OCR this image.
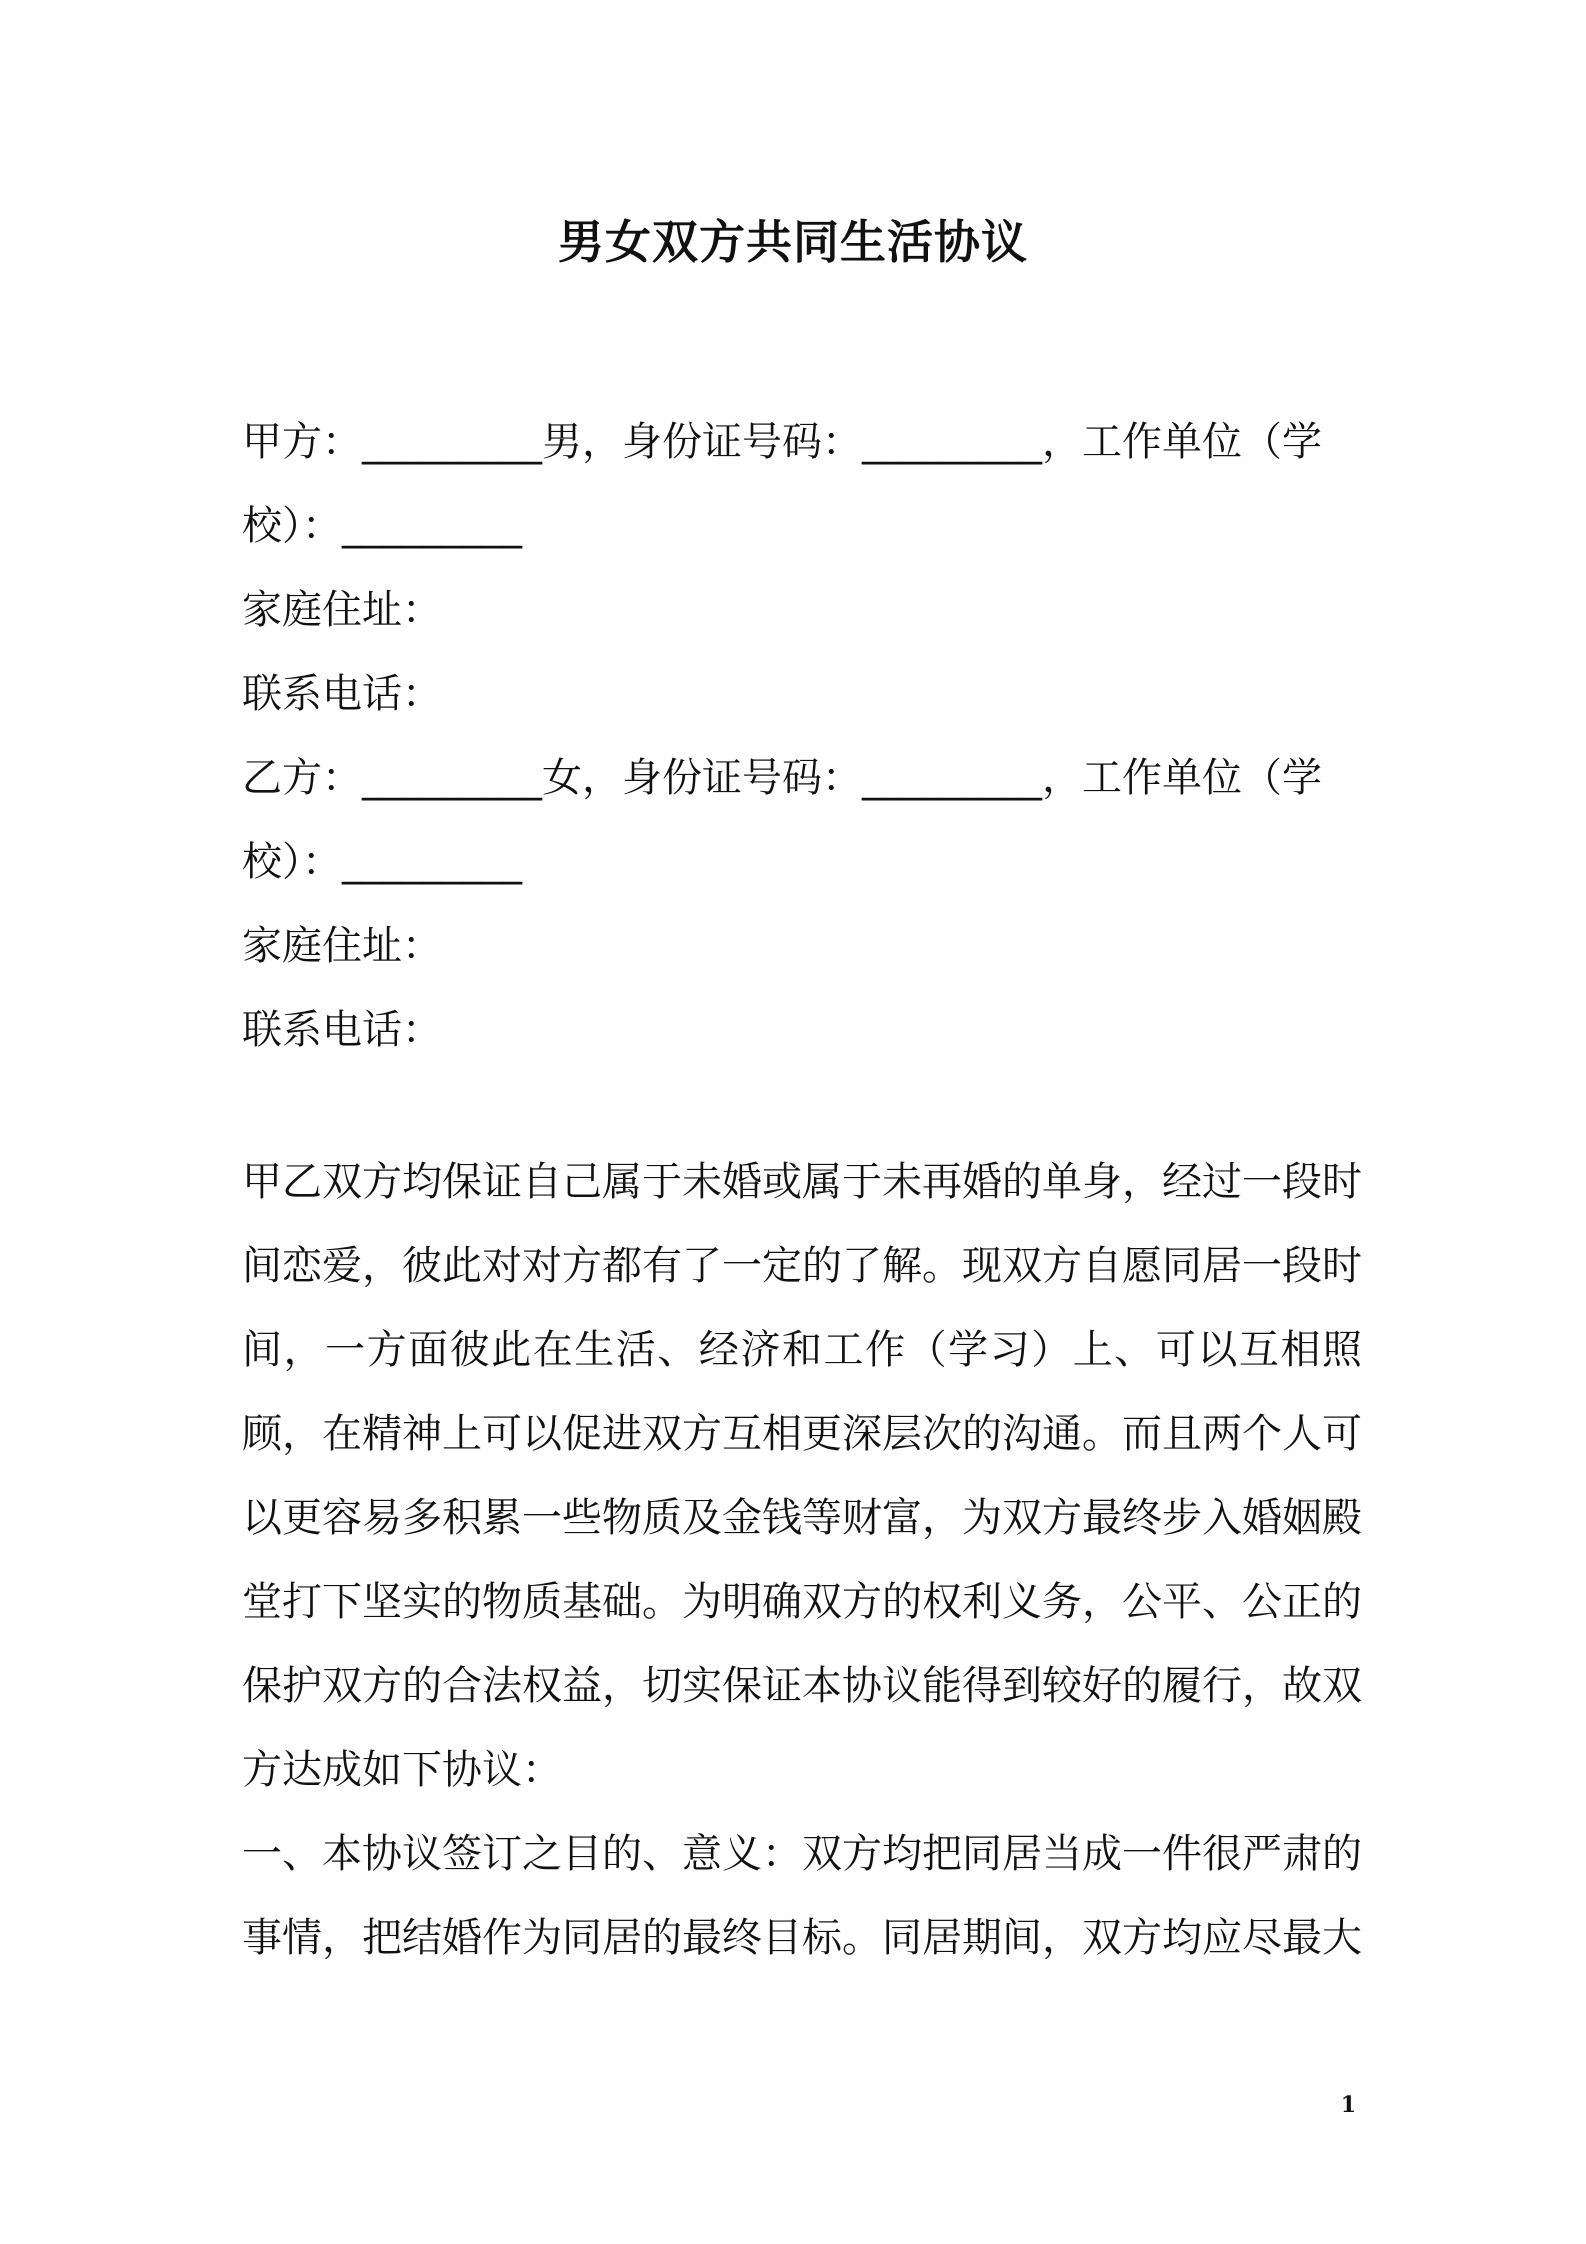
男女双方共同生活协议

甲方：_________男，身份证号码：_________，工作单位（学

校）：_________

家庭住址：

联系电话：

乙方：_________女，身份证号码：_________，工作单位（学

校）：_________

家庭住址：

联系电话：

甲乙双方均保证自己属于未婚或属于未再婚的单身，经过一段时间恋爱，彼此对对方都有了一定的了解。现双方自愿同居一段时间，一方面彼此在生活、经济和工作（学习）上、可以互相照顾，在精神上可以促进双方互相更深层次的沟通。而且两个人可以更容易多积累一些物质及金钱等财富，为双方最终步入婚姻殿堂打下坚实的物质基础。为明确双方的权利义务，公平、公正的保护双方的合法权益，切实保证本协议能得到较好的履行，故双方达成如下协议：

一、本协议签订之目的、意义：双方均把同居当成一件很严肃的事情，把结婚作为同居的最终目标。同居期间，双方均应尽最大

1
